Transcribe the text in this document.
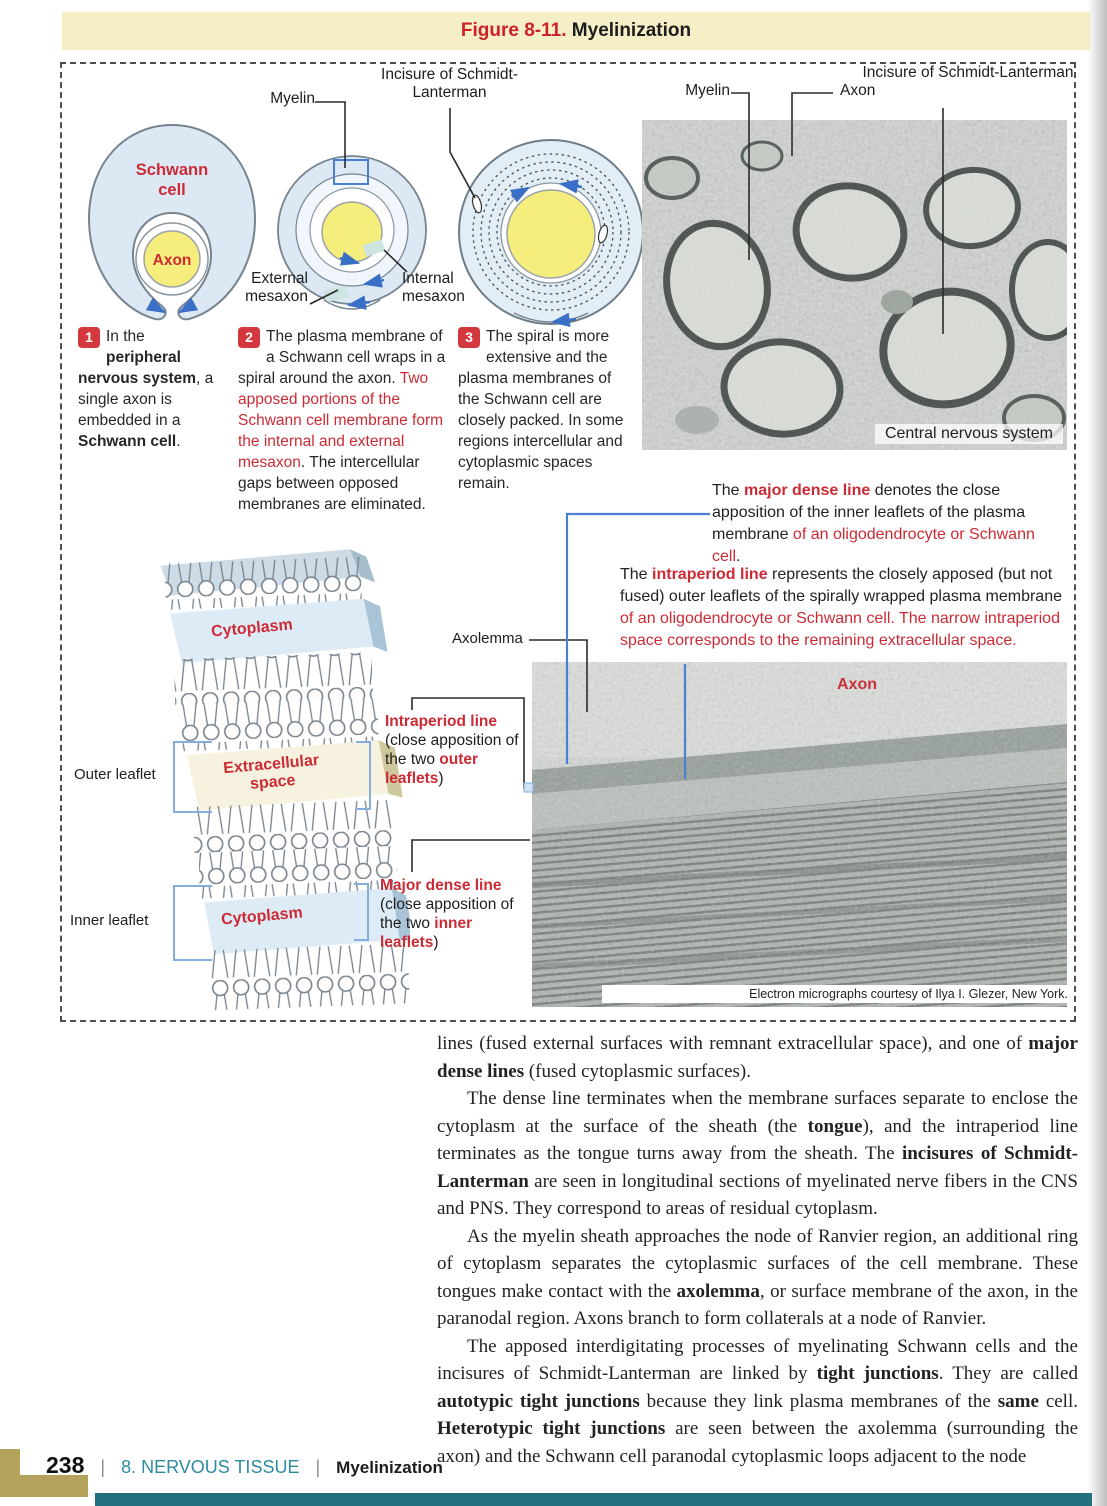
Figure 8-11. Myelinization
Schwann cell
Axon
Myelin
External mesaxon
Internal mesaxon
Incisure of Schmidt-Lanterman
1 In the peripheral nervous system, a single axon is embedded in a Schwann cell.
2 The plasma membrane of a Schwann cell wraps in a spiral around the axon. Two apposed portions of the Schwann cell membrane form the internal and external mesaxon. The intercellular gaps between opposed membranes are eliminated.
3 The spiral is more extensive and the plasma membranes of the Schwann cell are closely packed. In some regions intercellular and cytoplasmic spaces remain.
Central nervous system
Myelin	Axon
Incisure of Schmidt-Lanterman
The major dense line denotes the close apposition of the inner leaflets of the plasma membrane of an oligodendrocyte or Schwann cell.
The intraperiod line represents the closely apposed (but not fused) outer leaflets of the spirally wrapped plasma membrane of an oligodendrocyte or Schwann cell. The narrow intraperiod space corresponds to the remaining extracellular space.
Cytoplasm
Extracellular space
Cytoplasm
Outer leaflet
Inner leaflet
Axolemma
Intraperiod line
(close apposition of
the two outer
leaflets)
Major dense line
(close apposition of
the two inner leaflets)
Axon
Electron micrographs courtesy of Ilya I. Glezer, New York.

lines (fused external surfaces with remnant extracellular space), and one of major dense lines (fused cytoplasmic surfaces).

The dense line terminates when the membrane surfaces separate to enclose the cytoplasm at the surface of the sheath (the tongue), and the intraperiod line terminates as the tongue turns away from the sheath. The incisures of Schmidt-Lanterman are seen in longitudinal sections of myelinated nerve fibers in the CNS and PNS. They correspond to areas of residual cytoplasm.

As the myelin sheath approaches the node of Ranvier region, an additional ring of cytoplasm separates the cytoplasmic surfaces of the cell membrane. These tongues make contact with the axolemma, or surface membrane of the axon, in the paranodal region. Axons branch to form collaterals at a node of Ranvier.

The apposed interdigitating processes of myelinating Schwann cells and the incisures of Schmidt-Lanterman are linked by tight junctions. They are called autotypic tight junctions because they link plasma membranes of the same cell. Heterotypic tight junctions are seen between the axolemma (surrounding the axon) and the Schwann cell paranodal cytoplasmic loops adjacent to the node

238 | 8. NERVOUS TISSUE | Myelinization
